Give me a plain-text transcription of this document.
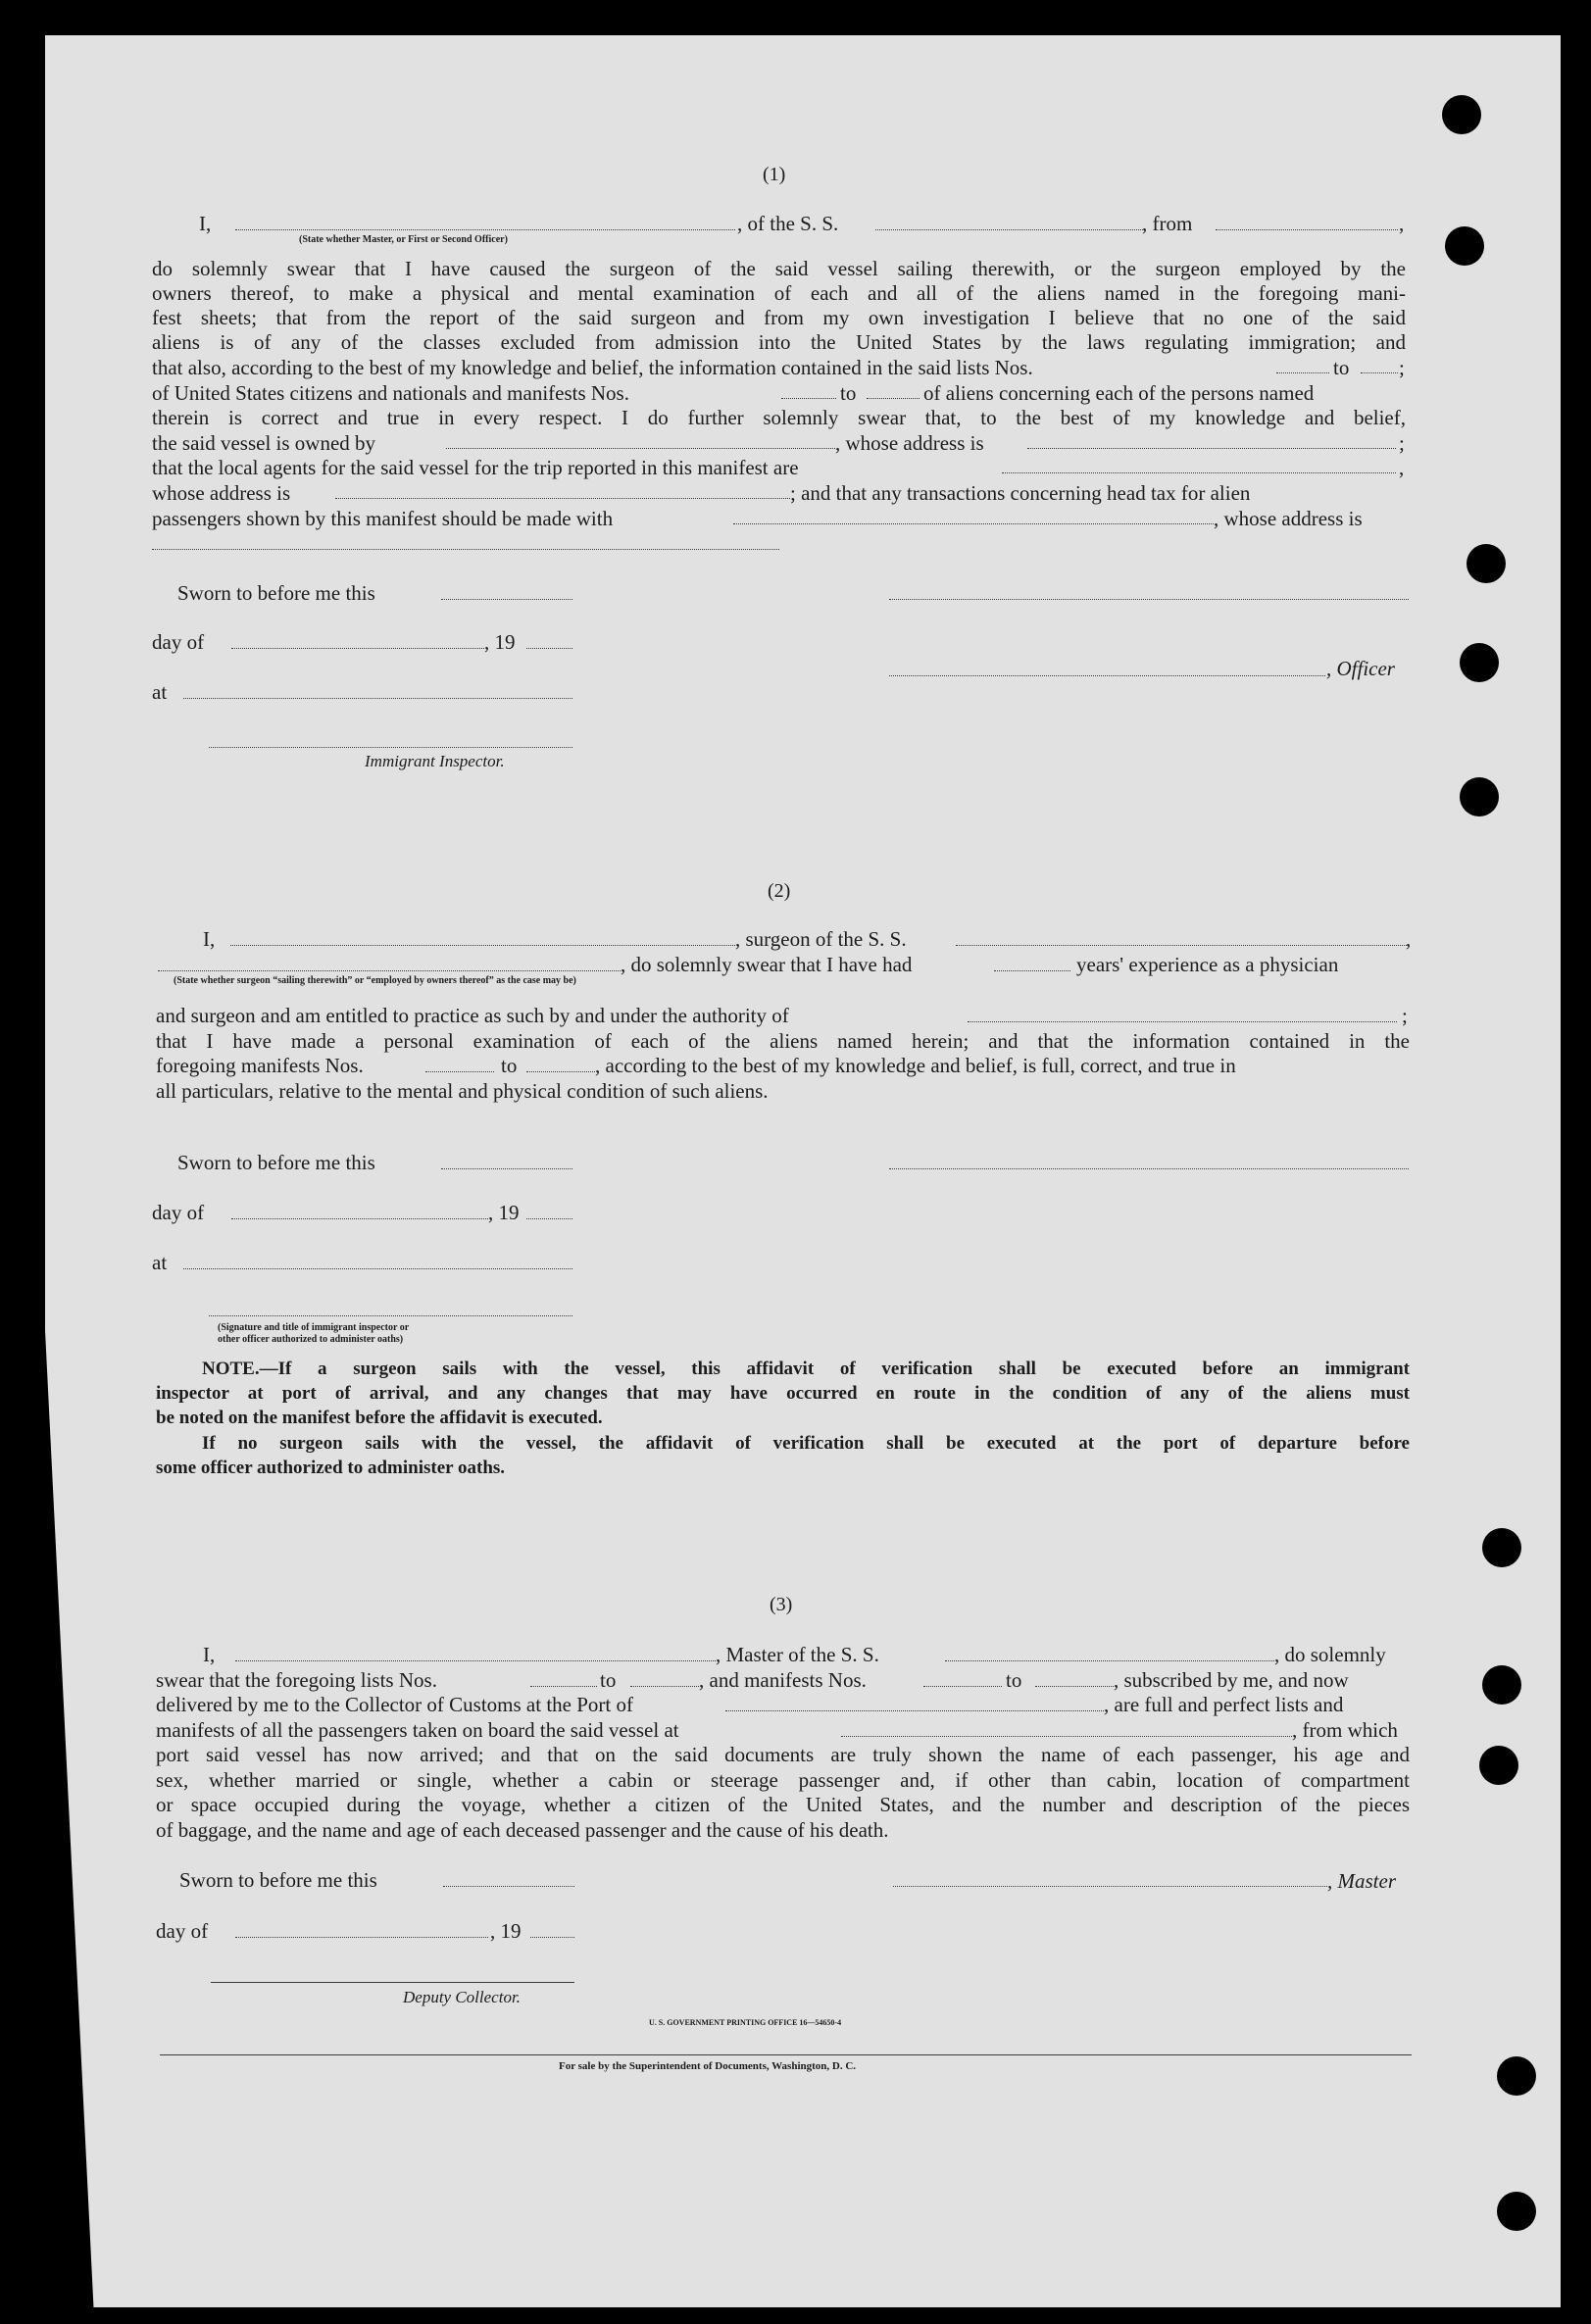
(1)
I,	, of the S. S.	, from	,
(State whether Master, or First or Second Officer)
do solemnly swear that I have caused the surgeon of the said vessel sailing therewith, or the surgeon employed by the
owners thereof, to make a physical and mental examination of each and all of the aliens named in the foregoing mani-
fest sheets; that from the report of the said surgeon and from my own investigation I believe that no one of the said
aliens is of any of the classes excluded from admission into the United States by the laws regulating immigration; and
that also, according to the best of my knowledge and belief, the information contained in the said lists Nos.	to ;
of United States citizens and nationals and manifests Nos.	to	of aliens concerning each of the persons named
therein is correct and true in every respect. I do further solemnly swear that, to the best of my knowledge and belief,
the said vessel is owned by	, whose address is	;
that the local agents for the said vessel for the trip reported in this manifest are	,
whose address is	; and that any transactions concerning head tax for alien
passengers shown by this manifest should be made with	, whose address is
Sworn to before me this
day of	, 19
, Officer
at
Immigrant Inspector.
(2)
I,	, surgeon of the S. S.	,
, do solemnly swear that I have had	years' experience as a physician
(State whether surgeon “sailing therewith” or “employed by owners thereof” as the case may be)
and surgeon and am entitled to practice as such by and under the authority of	;
that I have made a personal examination of each of the aliens named herein; and that the information contained in the
foregoing manifests Nos.	to	, according to the best of my knowledge and belief, is full, correct, and true in
all particulars, relative to the mental and physical condition of such aliens.
Sworn to before me this
day of	, 19
at
(Signature and title of immigrant inspector or
other officer authorized to administer oaths)
NOTE.—If a surgeon sails with the vessel, this affidavit of verification shall be executed before an immigrant
inspector at port of arrival, and any changes that may have occurred en route in the condition of any of the aliens must
be noted on the manifest before the affidavit is executed.
If no surgeon sails with the vessel, the affidavit of verification shall be executed at the port of departure before
some officer authorized to administer oaths.
(3)
I,	, Master of the S. S.	, do solemnly
swear that the foregoing lists Nos.	to	, and manifests Nos.	to	, subscribed by me, and now
delivered by me to the Collector of Customs at the Port of	, are full and perfect lists and
manifests of all the passengers taken on board the said vessel at	, from which
port said vessel has now arrived; and that on the said documents are truly shown the name of each passenger, his age and
sex, whether married or single, whether a cabin or steerage passenger and, if other than cabin, location of compartment
or space occupied during the voyage, whether a citizen of the United States, and the number and description of the pieces
of baggage, and the name and age of each deceased passenger and the cause of his death.
Sworn to before me this	, Master
day of	, 19
Deputy Collector.
U. S. GOVERNMENT PRINTING OFFICE 16—54650-4
For sale by the Superintendent of Documents, Washington, D. C.
